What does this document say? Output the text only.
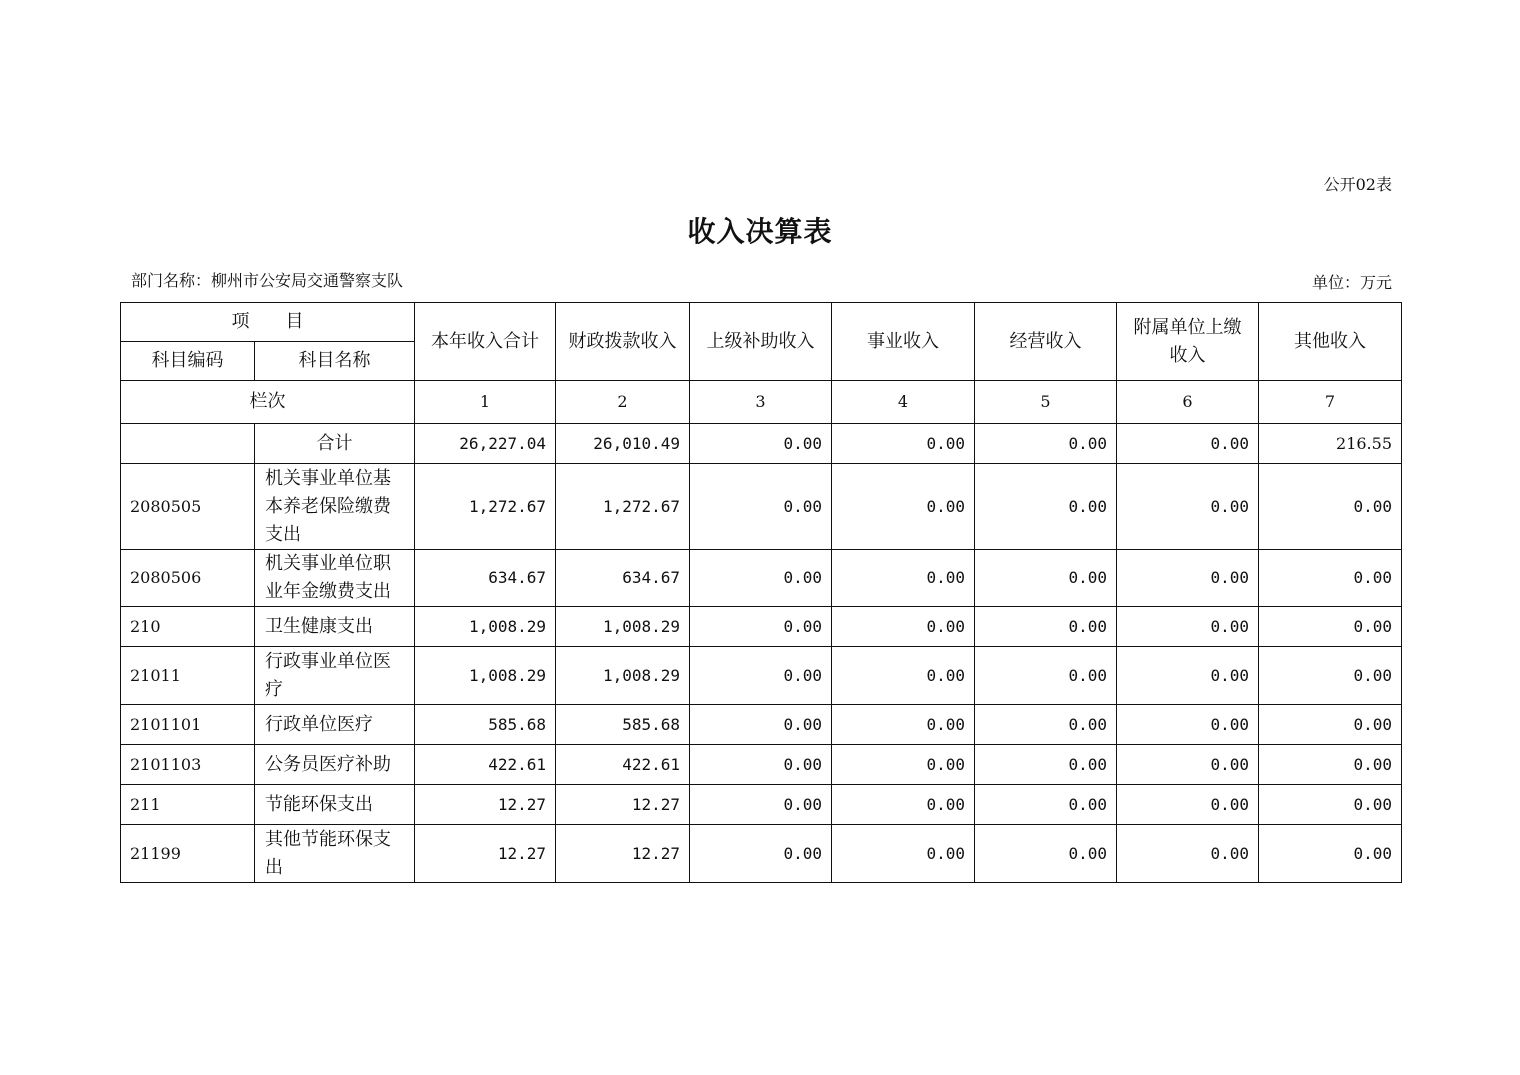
公开02表
收入决算表
部门名称：柳州市公安局交通警察支队	单位：万元
项　　目		本年收入合计	财政拨款收入	上级补助收入	事业收入	经营收入	附属单位上缴收入	其他收入
科目编码	科目名称							
栏次		1	2	3	4	5	6	7
	合计	26,227.04	26,010.49	0.00	0.00	0.00	0.00	216.55
2080505	机关事业单位基本养老保险缴费支出	1,272.67	1,272.67	0.00	0.00	0.00	0.00	0.00
2080506	机关事业单位职业年金缴费支出	634.67	634.67	0.00	0.00	0.00	0.00	0.00
210	卫生健康支出	1,008.29	1,008.29	0.00	0.00	0.00	0.00	0.00
21011	行政事业单位医疗	1,008.29	1,008.29	0.00	0.00	0.00	0.00	0.00
2101101	行政单位医疗	585.68	585.68	0.00	0.00	0.00	0.00	0.00
2101103	公务员医疗补助	422.61	422.61	0.00	0.00	0.00	0.00	0.00
211	节能环保支出	12.27	12.27	0.00	0.00	0.00	0.00	0.00
21199	其他节能环保支出	12.27	12.27	0.00	0.00	0.00	0.00	0.00
